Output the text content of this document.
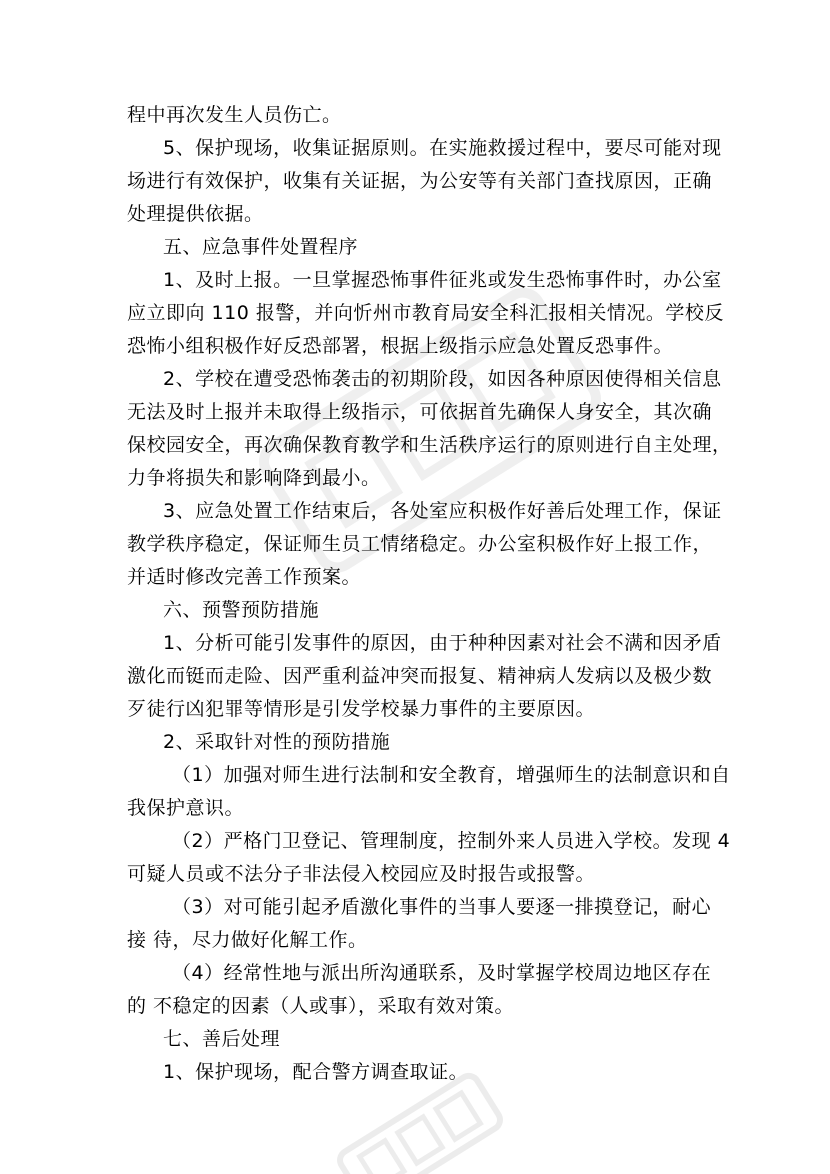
程中再次发生人员伤亡。
5、保护现场，收集证据原则。在实施救援过程中，要尽可能对现
场进行有效保护，收集有关证据，为公安等有关部门查找原因，正确
处理提供依据。
五、应急事件处置程序
1、及时上报。一旦掌握恐怖事件征兆或发生恐怖事件时，办公室
应立即向 110 报警，并向忻州市教育局安全科汇报相关情况。学校反
恐怖小组积极作好反恐部署，根据上级指示应急处置反恐事件。
2、学校在遭受恐怖袭击的初期阶段，如因各种原因使得相关信息
无法及时上报并未取得上级指示，可依据首先确保人身安全，其次确
保校园安全，再次确保教育教学和生活秩序运行的原则进行自主处理，
力争将损失和影响降到最小。
3、应急处置工作结束后，各处室应积极作好善后处理工作，保证
教学秩序稳定，保证师生员工情绪稳定。办公室积极作好上报工作，
并适时修改完善工作预案。
六、预警预防措施
1、分析可能引发事件的原因，由于种种因素对社会不满和因矛盾
激化而铤而走险、因严重利益冲突而报复、精神病人发病以及极少数
歹徒行凶犯罪等情形是引发学校暴力事件的主要原因。
2、采取针对性的预防措施
（1）加强对师生进行法制和安全教育，增强师生的法制意识和自
我保护意识。
（2）严格门卫登记、管理制度，控制外来人员进入学校。发现 4
可疑人员或不法分子非法侵入校园应及时报告或报警。
（3）对可能引起矛盾激化事件的当事人要逐一排摸登记，耐心
接 待，尽力做好化解工作。
（4）经常性地与派出所沟通联系，及时掌握学校周边地区存在
的 不稳定的因素（人或事），采取有效对策。
七、善后处理
1、保护现场，配合警方调查取证。
